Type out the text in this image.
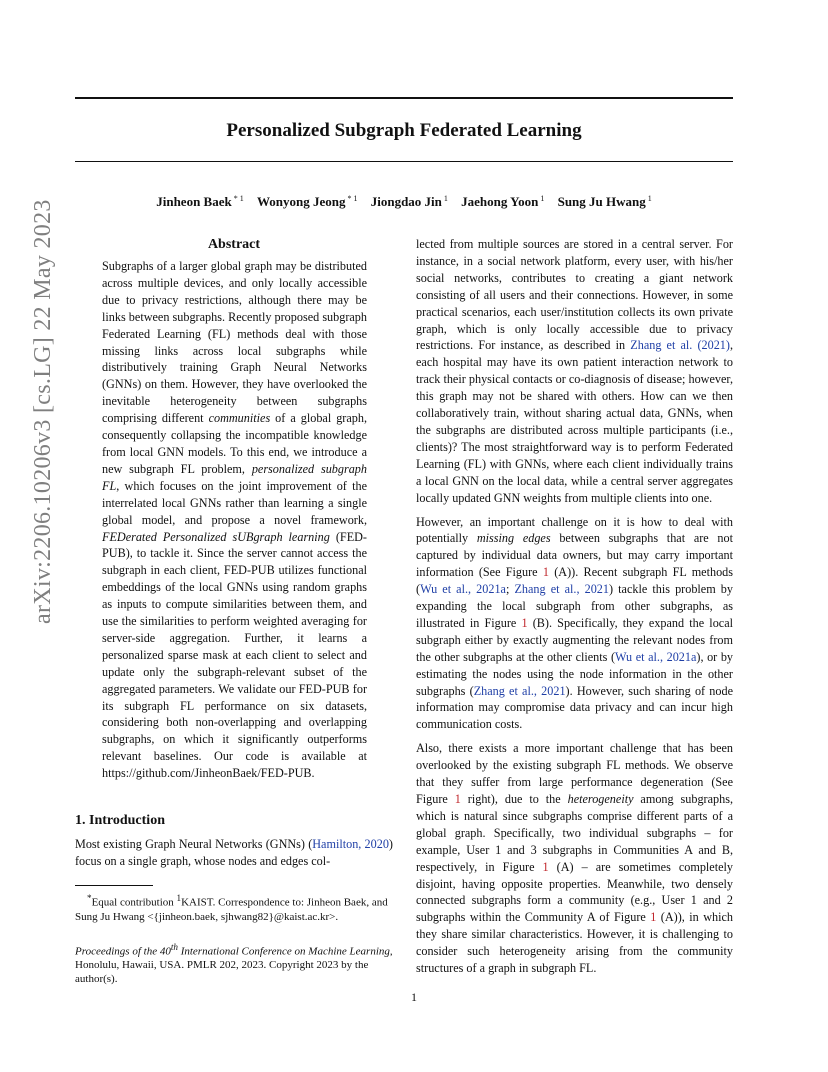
Personalized Subgraph Federated Learning
Jinheon Baek $^{* 1}$ Wonyong Jeong $^{* 1}$ Jiongdao Jin $^1$ Jaehong Yoon $^1$ Sung Ju Hwang $^1$
arXiv:2206.10206v3 [cs.LG] 22 May 2023	Abstract

Subgraphs of a larger global graph may be distributed across multiple devices, and only locally accessible due to privacy restrictions, although there may be links between subgraphs. Recently proposed subgraph Federated Learning (FL) methods deal with those missing links across local subgraphs while distributively training Graph Neural Networks (GNNs) on them. However, they have overlooked the inevitable heterogeneity between subgraphs comprising different communities of a global graph, consequently collapsing the incompatible knowledge from local GNN models. To this end, we introduce a new subgraph FL problem, personalized subgraph FL, which focuses on the joint improvement of the interrelated local GNNs rather than learning a single global model, and propose a novel framework, FEDerated Personalized sUBgraph learning (FED-PUB), to tackle it. Since the server cannot access the subgraph in each client, FED-PUB utilizes functional embeddings of the local GNNs using random graphs as inputs to compute similarities between them, and use the similarities to perform weighted averaging for server-side aggregation. Further, it learns a personalized sparse mask at each client to select and update only the subgraph-relevant subset of the aggregated parameters. We validate our FED-PUB for its subgraph FL performance on six datasets, considering both non-overlapping and overlapping subgraphs, on which it significantly outperforms relevant baselines. Our code is available at https://github.com/JinheonBaek/FED-PUB.

1. Introduction

Most existing Graph Neural Networks (GNNs) (Hamilton, 2020) focus on a single graph, whose nodes and edges col-

*Equal contribution $^1$KAIST. Correspondence to: Jinheon Baek, and Sung Ju Hwang <{jinheon.baek, sjhwang82}@kaist.ac.kr>.

Proceedings of the 40th International Conference on Machine Learning, Honolulu, Hawaii, USA. PMLR 202, 2023. Copyright 2023 by the author(s).

lected from multiple sources are stored in a central server. For instance, in a social network platform, every user, with his/her social networks, contributes to creating a giant network consisting of all users and their connections. However, in some practical scenarios, each user/institution collects its own private graph, which is only locally accessible due to privacy restrictions. For instance, as described in Zhang et al. (2021), each hospital may have its own patient interaction network to track their physical contacts or co-diagnosis of disease; however, this graph may not be shared with others. How can we then collaboratively train, without sharing actual data, GNNs, when the subgraphs are distributed across multiple participants (i.e., clients)? The most straightforward way is to perform Federated Learning (FL) with GNNs, where each client individually trains a local GNN on the local data, while a central server aggregates locally updated GNN weights from multiple clients into one.

However, an important challenge on it is how to deal with potentially missing edges between subgraphs that are not captured by individual data owners, but may carry important information (See Figure 1 (A)). Recent subgraph FL methods (Wu et al., 2021a; Zhang et al., 2021) tackle this problem by expanding the local subgraph from other subgraphs, as illustrated in Figure 1 (B). Specifically, they expand the local subgraph either by exactly augmenting the relevant nodes from the other subgraphs at the other clients (Wu et al., 2021a), or by estimating the nodes using the node information in the other subgraphs (Zhang et al., 2021). However, such sharing of node information may compromise data privacy and can incur high communication costs.

Also, there exists a more important challenge that has been overlooked by the existing subgraph FL methods. We observe that they suffer from large performance degeneration (See Figure 1 right), due to the heterogeneity among subgraphs, which is natural since subgraphs comprise different parts of a global graph. Specifically, two individual subgraphs – for example, User 1 and 3 subgraphs in Communities A and B, respectively, in Figure 1 (A) – are sometimes completely disjoint, having opposite properties. Meanwhile, two densely connected subgraphs form a community (e.g., User 1 and 2 subgraphs within the Community A of Figure 1 (A)), in which they share similar characteristics. However, it is challenging to consider such heterogeneity arising from the community structures of a graph in subgraph FL.

1
